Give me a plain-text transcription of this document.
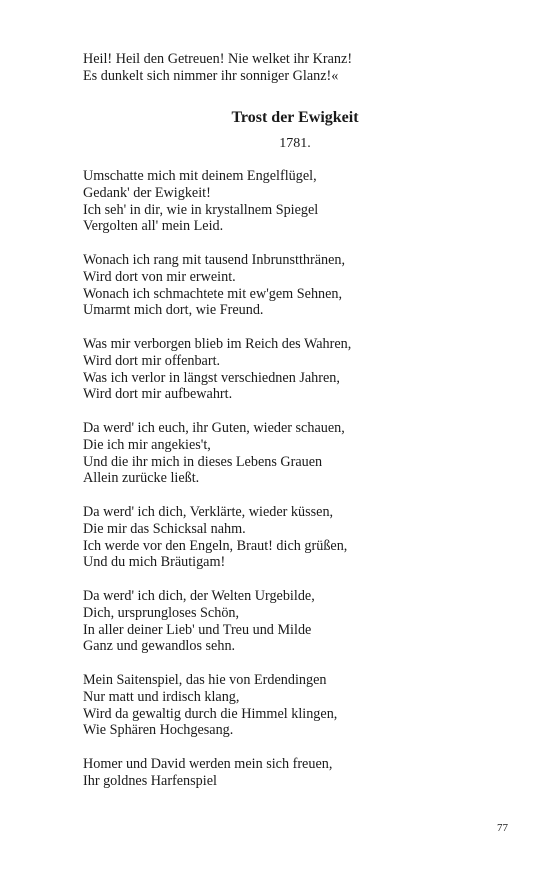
Heil! Heil den Getreuen! Nie welket ihr Kranz!
Es dunkelt sich nimmer ihr sonniger Glanz!«
Trost der Ewigkeit
1781.
Umschatte mich mit deinem Engelflügel,
Gedank' der Ewigkeit!
Ich seh' in dir, wie in krystallnem Spiegel
Vergolten all' mein Leid.
Wonach ich rang mit tausend Inbrunstthränen,
Wird dort von mir erweint.
Wonach ich schmachtete mit ew'gem Sehnen,
Umarmt mich dort, wie Freund.
Was mir verborgen blieb im Reich des Wahren,
Wird dort mir offenbart.
Was ich verlor in längst verschiednen Jahren,
Wird dort mir aufbewahrt.
Da werd' ich euch, ihr Guten, wieder schauen,
Die ich mir angekies't,
Und die ihr mich in dieses Lebens Grauen
Allein zurücke ließt.
Da werd' ich dich, Verklärte, wieder küssen,
Die mir das Schicksal nahm.
Ich werde vor den Engeln, Braut! dich grüßen,
Und du mich Bräutigam!
Da werd' ich dich, der Welten Urgebilde,
Dich, ursprungloses Schön,
In aller deiner Lieb' und Treu und Milde
Ganz und gewandlos sehn.
Mein Saitenspiel, das hie von Erdendingen
Nur matt und irdisch klang,
Wird da gewaltig durch die Himmel klingen,
Wie Sphären Hochgesang.
Homer und David werden mein sich freuen,
Ihr goldnes Harfenspiel
77
